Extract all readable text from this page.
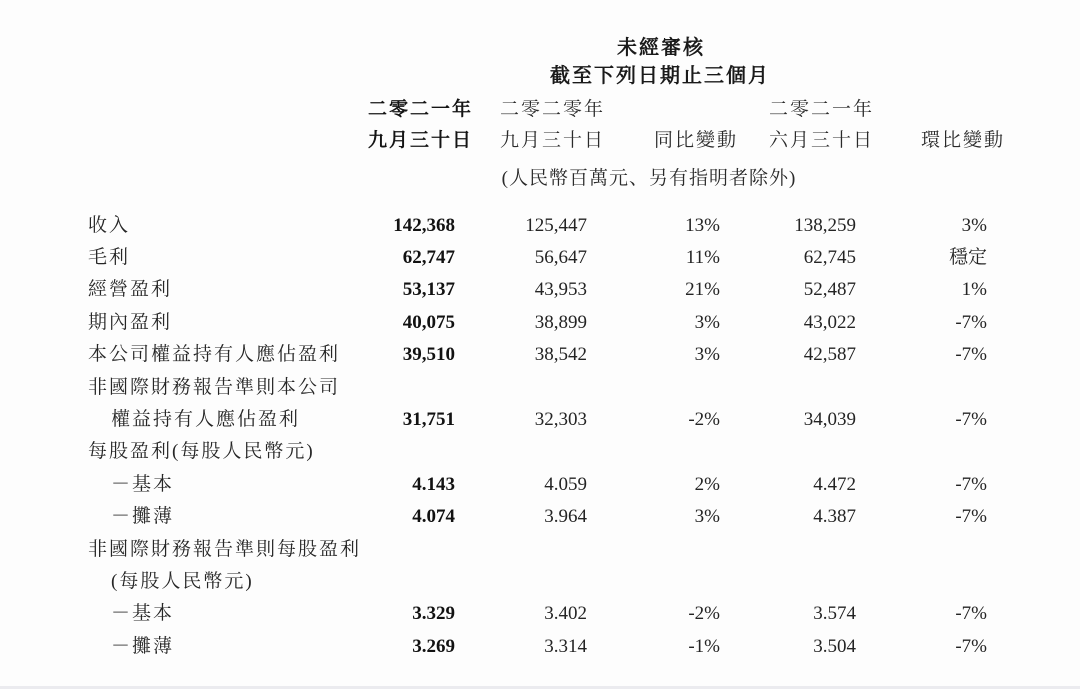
未經審核
截至下列日期止三個月
	二零二一年	二零二零年		二零二一年	
	九月三十日	九月三十日	同比變動	六月三十日	環比變動
(人民幣百萬元、另有指明者除外)
收入	142,368	125,447	13%	138,259	3%
毛利	62,747	56,647	11%	62,745	穩定
經營盈利	53,137	43,953	21%	52,487	1%
期內盈利	40,075	38,899	3%	43,022	-7%
本公司權益持有人應佔盈利	39,510	38,542	3%	42,587	-7%
非國際財務報告準則本公司					
權益持有人應佔盈利	31,751	32,303	-2%	34,039	-7%
每股盈利(每股人民幣元)					
－基本	4.143	4.059	2%	4.472	-7%
－攤薄	4.074	3.964	3%	4.387	-7%
非國際財務報告準則每股盈利					
(每股人民幣元)					
－基本	3.329	3.402	-2%	3.574	-7%
－攤薄	3.269	3.314	-1%	3.504	-7%
